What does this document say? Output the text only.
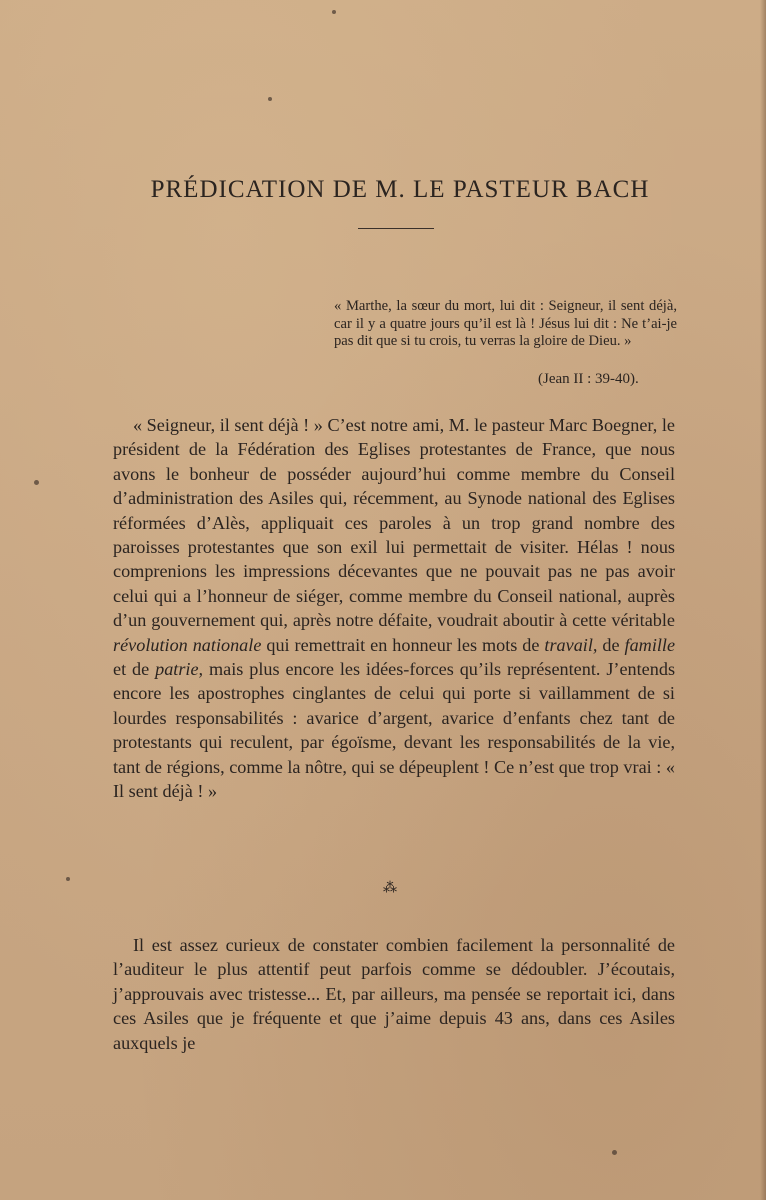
PRÉDICATION DE M. LE PASTEUR BACH

« Marthe, la sœur du mort, lui dit : Seigneur, il sent déjà, car il y a quatre jours qu’il est là ! Jésus lui dit : Ne t’ai-je pas dit que si tu crois, tu verras la gloire de Dieu. »

(Jean II : 39-40).

« Seigneur, il sent déjà ! » C’est notre ami, M. le pasteur Marc Boegner, le président de la Fédération des Eglises protestantes de France, que nous avons le bonheur de posséder aujourd’hui comme membre du Conseil d’administration des Asiles qui, récemment, au Synode national des Eglises réformées d’Alès, appliquait ces paroles à un trop grand nombre des paroisses protestantes que son exil lui permettait de visiter. Hélas ! nous comprenions les impressions décevantes que ne pouvait pas ne pas avoir celui qui a l’honneur de siéger, comme membre du Conseil national, auprès d’un gouvernement qui, après notre défaite, voudrait aboutir à cette véritable révolution nationale qui remettrait en honneur les mots de travail, de famille et de patrie, mais plus encore les idées-forces qu’ils représentent. J’entends encore les apostrophes cinglantes de celui qui porte si vaillamment de si lourdes responsabilités : avarice d’argent, avarice d’enfants chez tant de protestants qui reculent, par égoïsme, devant les responsabilités de la vie, tant de régions, comme la nôtre, qui se dépeuplent ! Ce n’est que trop vrai : « Il sent déjà ! »

⁂

Il est assez curieux de constater combien facilement la personnalité de l’auditeur le plus attentif peut parfois comme se dédoubler. J’écoutais, j’approuvais avec tristesse... Et, par ailleurs, ma pensée se reportait ici, dans ces Asiles que je fréquente et que j’aime depuis 43 ans, dans ces Asiles auxquels je
